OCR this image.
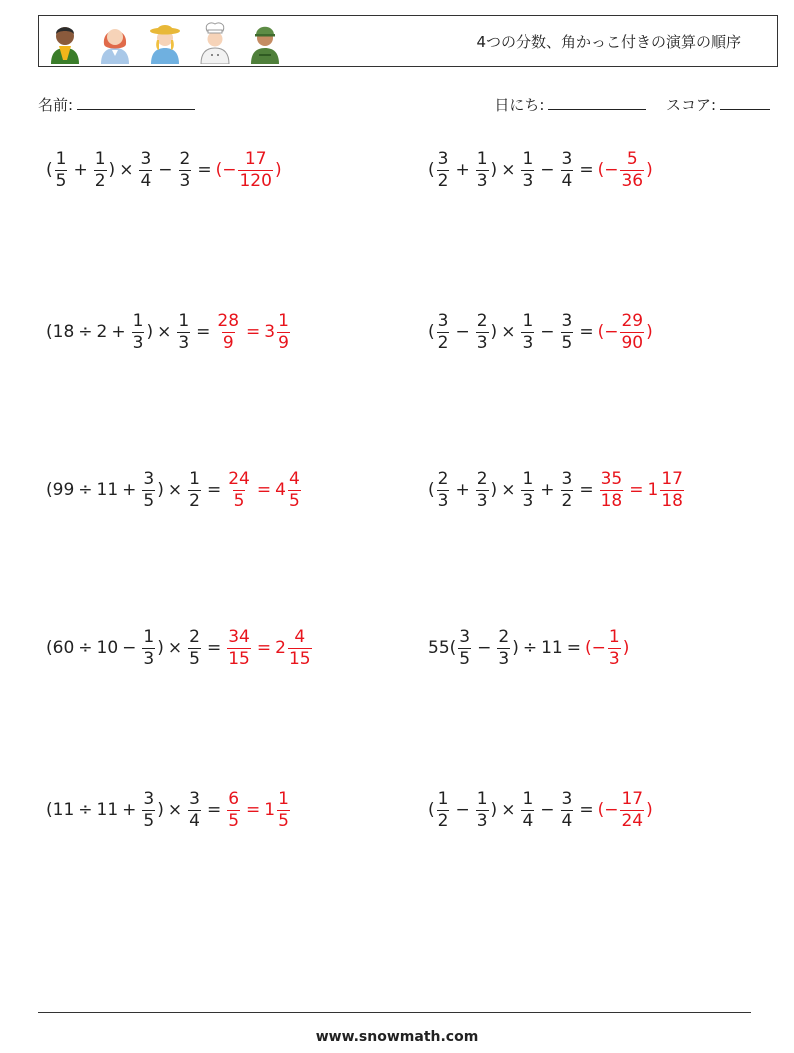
4つの分数、角かっこ付きの演算の順序
名前:	日にち:	スコア:
( $\frac{1}{5} + \frac{1}{2}$ ) × $\frac{3}{4} - \frac{2}{3}$ = (− $\frac{17}{120}$ )	( $\frac{3}{2} + \frac{1}{3}$ ) × $\frac{1}{3} - \frac{3}{4}$ = (− $\frac{5}{36}$ )
( $18 \div 2 + \frac{1}{3}$ ) × $\frac{1}{3} = \frac{28}{9} = 3 \frac{1}{9}$	( $\frac{3}{2} - \frac{2}{3}$ ) × $\frac{1}{3} - \frac{3}{5}$ = (− $\frac{29}{90}$ )
( $99 \div 11 + \frac{3}{5}$ ) × $\frac{1}{2} = \frac{24}{5} = 4 \frac{4}{5}$	( $\frac{2}{3} + \frac{2}{3}$ ) × $\frac{1}{3} + \frac{3}{2} = \frac{35}{18} = 1 \frac{17}{18}$
( $60 \div 10 - \frac{1}{3}$ ) × $\frac{2}{5} = \frac{34}{15} = 2 \frac{4}{15}$	55 ( $\frac{3}{5} - \frac{2}{3}$ ) ÷ 11 = (− $\frac{1}{3}$ )
( $11 \div 11 + \frac{3}{5}$ ) × $\frac{3}{4} = \frac{6}{5} = 1 \frac{1}{5}$	( $\frac{1}{2} - \frac{1}{3}$ ) × $\frac{1}{4} - \frac{3}{4}$ = (− $\frac{17}{24}$ )
www.snowmath.com
